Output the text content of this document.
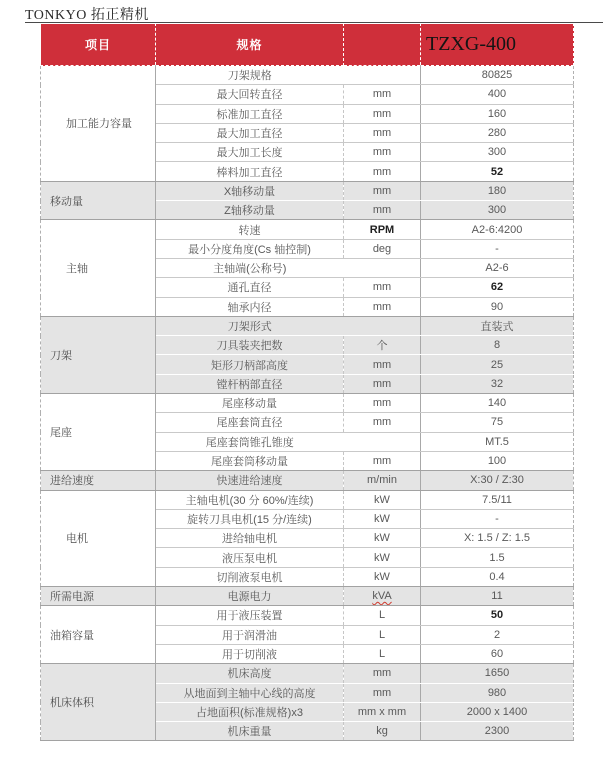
TONKYO 拓正精机
项目	规格		TZXG-400
加工能力容量	刀架规格		80825
	最大回转直径	mm	400
	标准加工直径	mm	160
	最大加工直径	mm	280
	最大加工长度	mm	300
	棒料加工直径	mm	52
移动量	X轴移动量	mm	180
	Z轴移动量	mm	300
主轴	转速	RPM	A2-6:4200
	最小分度角度(Cs 轴控制)	deg	-
	主轴端(公称号)		A2-6
	通孔直径	mm	62
	轴承内径	mm	90
刀架	刀架形式		直装式
	刀具装夹把数	个	8
	矩形刀柄部高度	mm	25
	镗杆柄部直径	mm	32
尾座	尾座移动量	mm	140
	尾座套筒直径	mm	75
	尾座套筒锥孔锥度		MT.5
	尾座套筒移动量	mm	100
进给速度	快速进给速度	m/min	X:30 / Z:30
电机	主轴电机(30 分 60%/连续)	kW	7.5/11
	旋转刀具电机(15 分/连续)	kW	-
	进给轴电机	kW	X: 1.5 / Z: 1.5
	液压泵电机	kW	1.5
	切削液泵电机	kW	0.4
所需电源	电源电力	kVA	11
油箱容量	用于液压装置	L	50
	用于润滑油	L	2
	用于切削液	L	60
机床体积	机床高度	mm	1650
	从地面到主轴中心线的高度	mm	980
	占地面积(标准规格)x3	mm x mm	2000 x 1400
	机床重量	kg	2300
